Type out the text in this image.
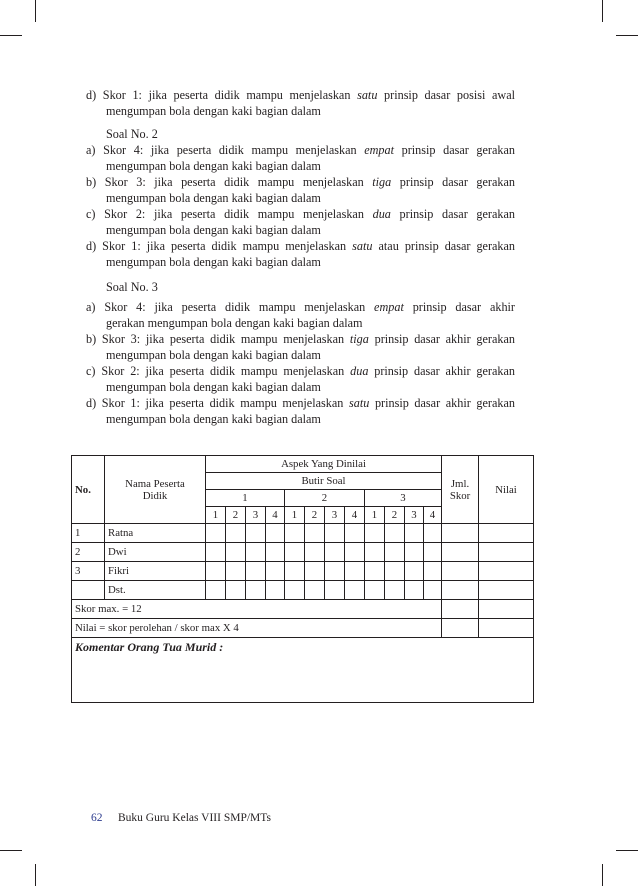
d) Skor 1: jika peserta didik mampu menjelaskan satu prinsip dasar posisi awal
mengumpan bola dengan kaki bagian dalam
Soal No. 2
a) Skor 4: jika peserta didik mampu menjelaskan empat prinsip dasar gerakan
mengumpan bola dengan kaki bagian dalam
b) Skor 3: jika peserta didik mampu menjelaskan tiga prinsip dasar gerakan
mengumpan bola dengan kaki bagian dalam
c) Skor 2: jika peserta didik mampu menjelaskan dua prinsip dasar gerakan
mengumpan bola dengan kaki bagian dalam
d) Skor 1: jika peserta didik mampu menjelaskan satu atau prinsip dasar gerakan
mengumpan bola dengan kaki bagian dalam
Soal No. 3
a) Skor 4: jika peserta didik mampu menjelaskan empat prinsip dasar akhir
gerakan mengumpan bola dengan kaki bagian dalam
b) Skor 3: jika peserta didik mampu menjelaskan tiga prinsip dasar akhir gerakan
mengumpan bola dengan kaki bagian dalam
c) Skor 2: jika peserta didik mampu menjelaskan dua prinsip dasar akhir gerakan
mengumpan bola dengan kaki bagian dalam
d) Skor 1: jika peserta didik mampu menjelaskan satu prinsip dasar akhir gerakan
mengumpan bola dengan kaki bagian dalam
No.	Nama Peserta Didik	Aspek Yang Dinilai												Jml. Skor	Nilai
		Butir Soal													
		1				2				3					
		1	2	3	4	1	2	3	4	1	2	3	4		
1	Ratna														
2	Dwi														
3	Fikri														
	Dst.														
Skor max. = 12															
Nilai = skor perolehan / skor max X 4															
Komentar Orang Tua Murid :															
62 Buku Guru Kelas VIII SMP/MTs
